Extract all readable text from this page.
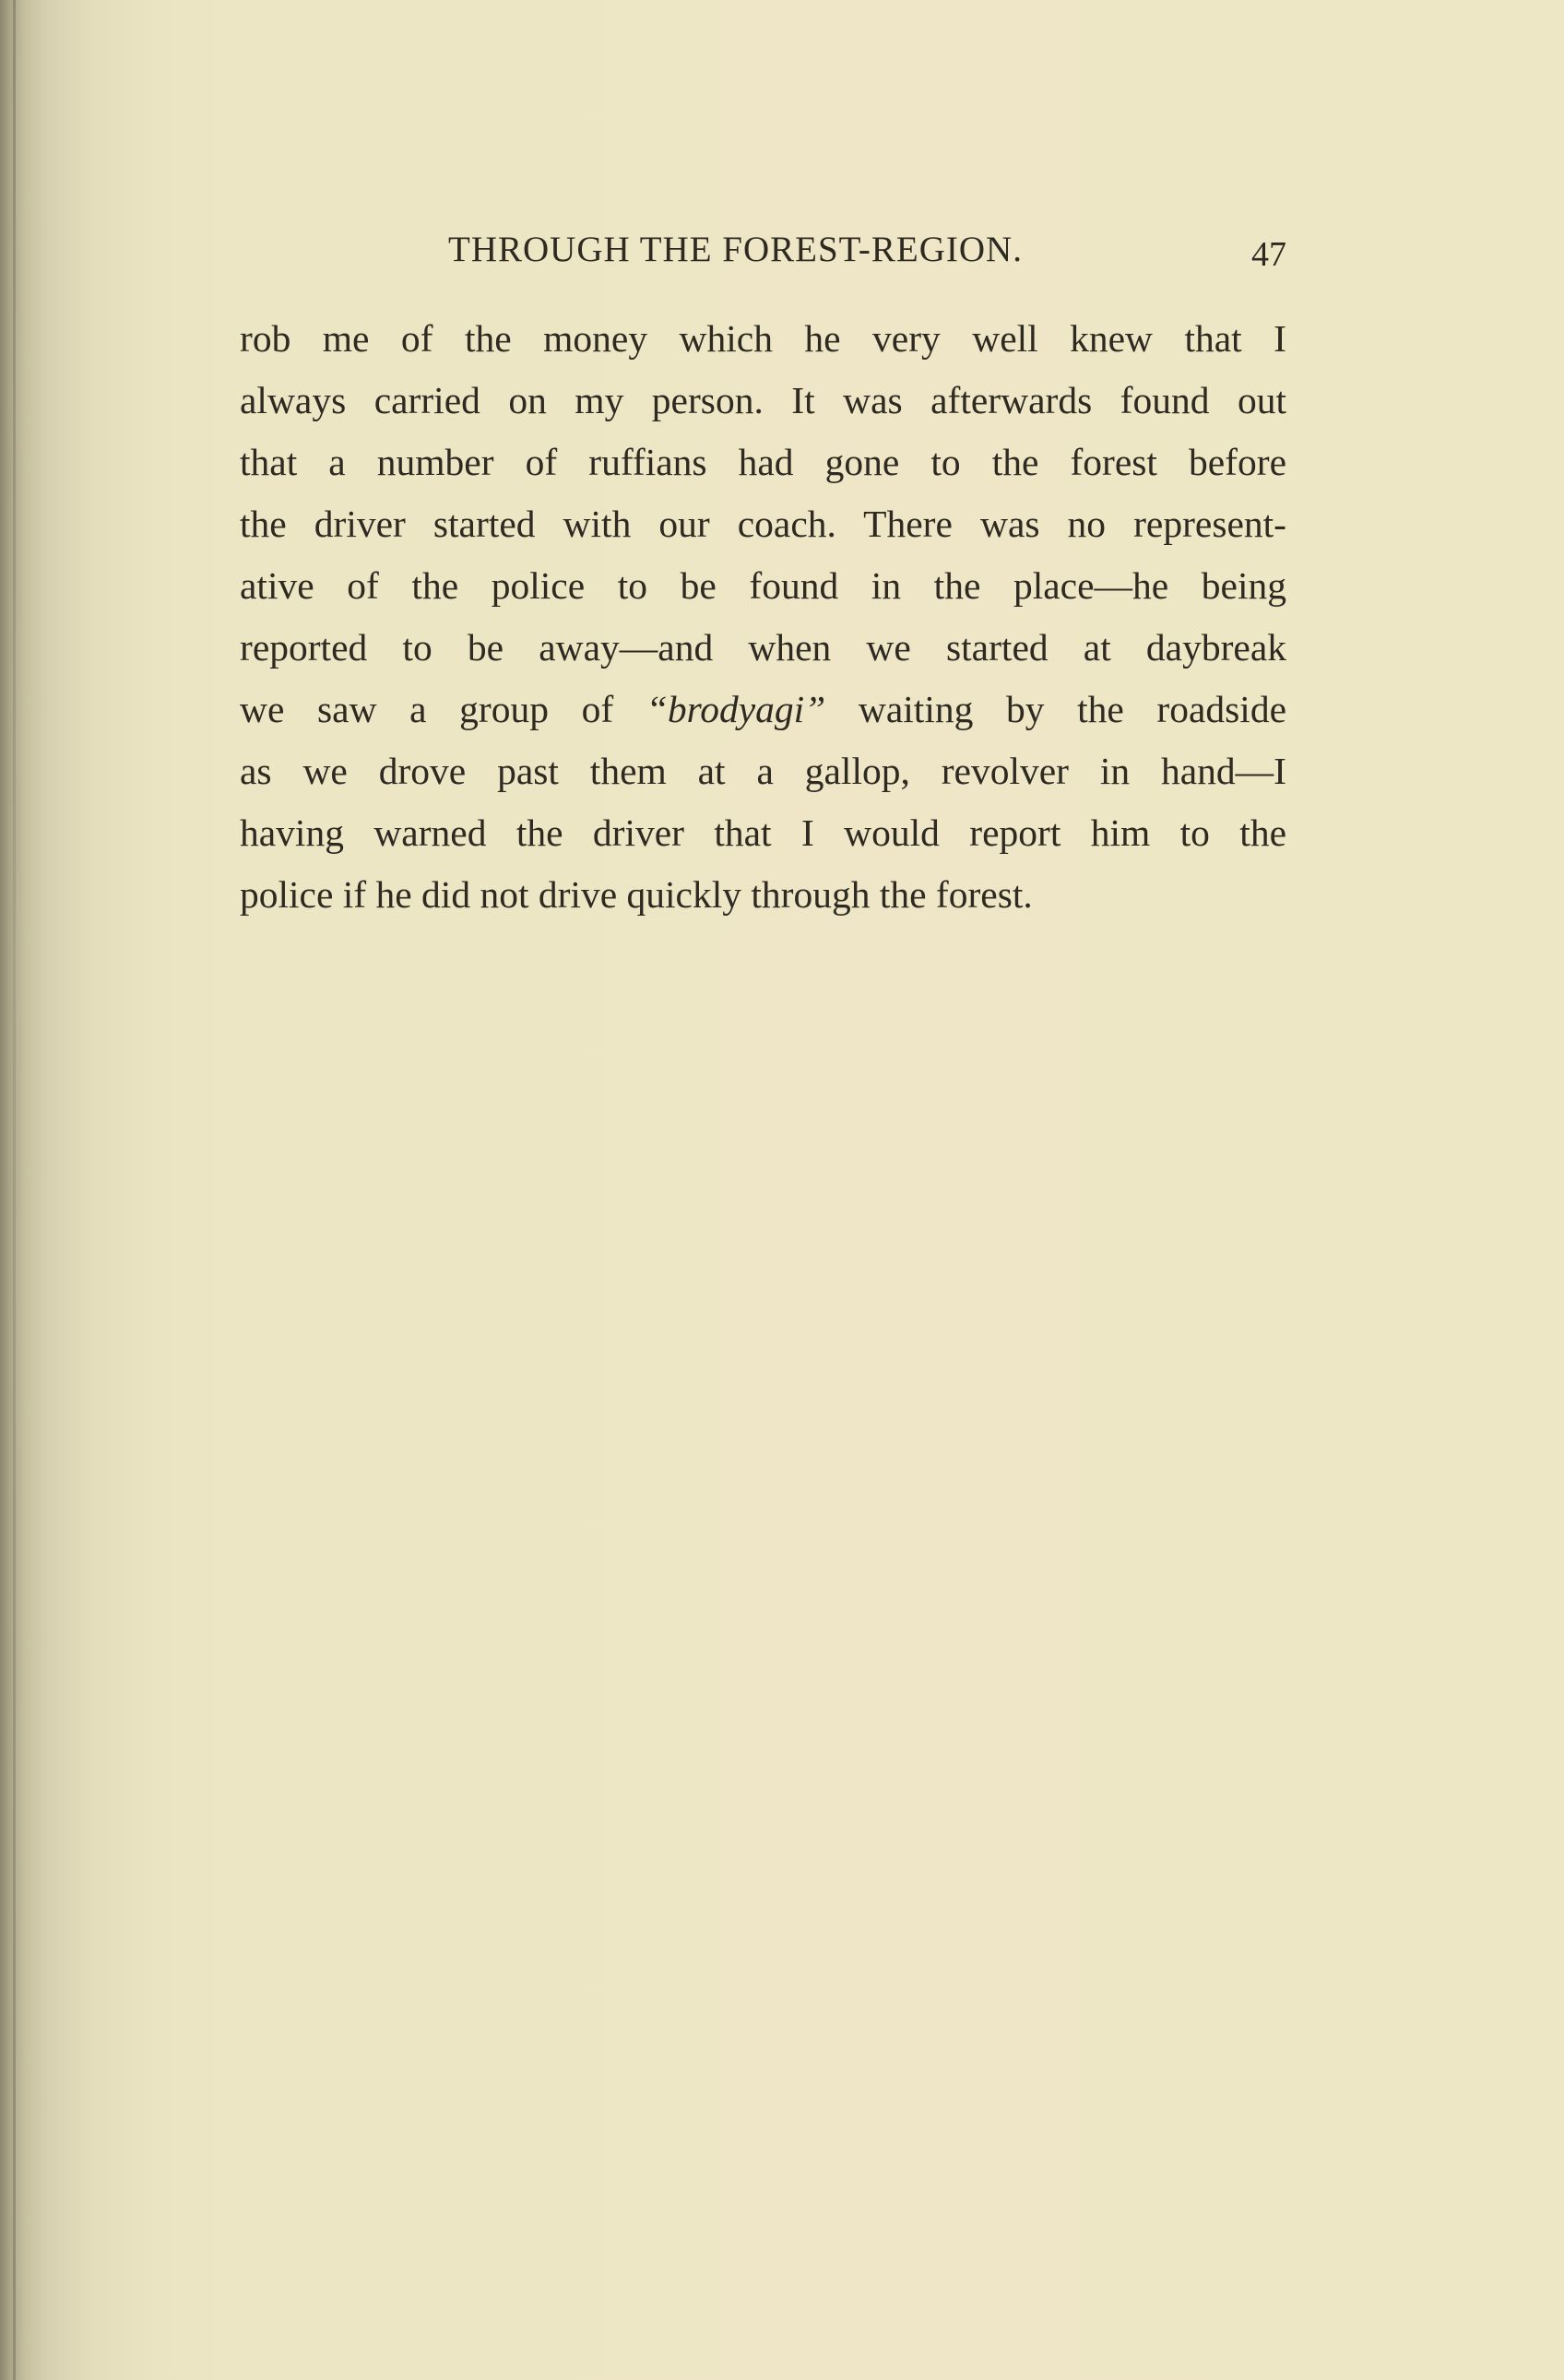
THROUGH THE FOREST-REGION.	47
rob me of the money which he very well knew that I
always carried on my person. It was afterwards found out
that a number of ruffians had gone to the forest before
the driver started with our coach. There was no represent-
ative of the police to be found in the place—he being
reported to be away—and when we started at daybreak
we saw a group of “brodyagi” waiting by the roadside
as we drove past them at a gallop, revolver in hand—I
having warned the driver that I would report him to the
police if he did not drive quickly through the forest.
